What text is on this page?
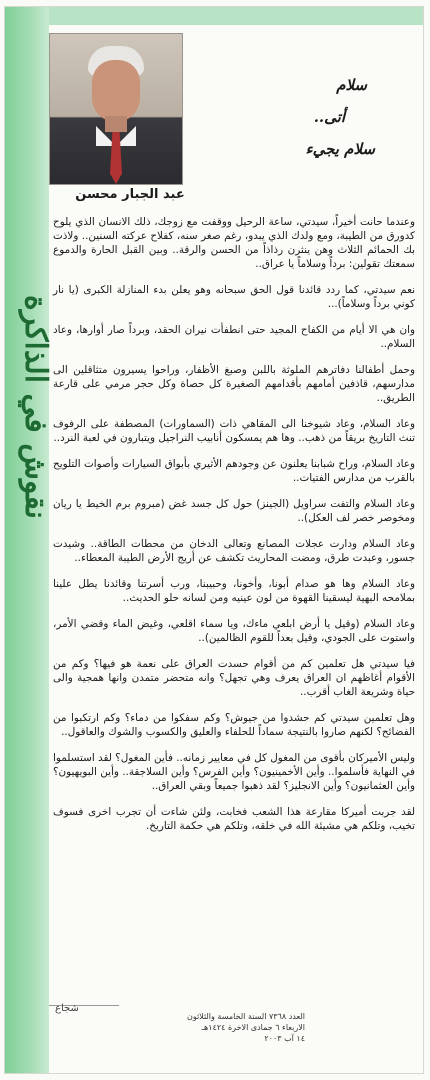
نقوش في الذاكرة
عبد الجبار محسن
سلام
أتى..
سلام يجيء

وعندما حانت أخيراً، سيدتي، ساعة الرحيل ووقفت مع زوجك، ذلك الانسان الذي يلوح كدورق من الطيبة، ومع ولدك الذي يبدو، رغم صغر سنه، كفلاح عركته السنين.. ولاذت بك الحمائم الثلاث وهن ينثرن رذاذاً من الحسن والرقة.. وبين القبل الحارة والدموع سمعتك تقولين: برداً وسلاماً يا عراق..

نعم سيدتي، كما ردد قائدنا قول الحق سبحانه وهو يعلن بدء المنازلة الكبرى (يا نار كوني برداً وسلاماً)...

وان هي الا أيام من الكفاح المجيد حتى انطفأت نيران الحقد، وبرداً صار أوارها، وعاد السلام..

وحمل أطفالنا دفاترهم الملوثة باللبن وصبغ الأظفار، وراحوا يسيرون متثاقلين الى مدارسهم، قاذفين أمامهم بأقدامهم الصغيرة كل حصاة وكل حجر مرمي على قارعة الطريق..

وعاد السلام، وعاد شيوخنا الى المقاهي ذات (السماورات) المصطفة على الرفوف تنث التاريخ بريقاً من ذهب.. وها هم يمسكون أنابيب النراجيل ويتبارون في لعبة النرد..

وعاد السلام، وراح شبابنا يعلنون عن وجودهم الأثيري بأبواق السيارات وأصوات التلويح بالقرب من مدارس الفتيات..

وعاد السلام والتفت سراويل (الجينز) حول كل جسد غض (مبروم برم الخيط يا ريان ومخوصر خصر لف العكل)..

وعاد السلام ودارت عجلات المصانع وتعالى الدخان من محطات الطاقة.. وشيدت جسور، وعبدت طرق، ومضت المحاريث تكشف عن أريج الأرض الطيبة المعطاء..

وعاد السلام وها هو صدام أبونا، وأخونا، وحبيبنا، ورب أسرتنا وقائدنا يطل علينا بملامحه البهية ليسقينا القهوة من لون عينيه ومن لسانه حلو الحديث..

وعاد السلام (وقيل يا أرض ابلعي ماءك، ويا سماء اقلعي، وغيض الماء وقضي الأمر، واستوت على الجودي، وقيل بعداً للقوم الظالمين)..

فيا سيدتي هل تعلمين كم من أقوام حسدت العراق على نعمة هو فيها؟ وكم من الأقوام أغاظهم ان العراق يعرف وهي تجهل؟ وانه متحضر متمدن وانها همجية والى حياة وشريعة الغاب أقرب..

وهل تعلمين سيدتي كم حشدوا من جيوش؟ وكم سفكوا من دماء؟ وكم ارتكبوا من الفضائح؟ لكنهم صاروا بالنتيجة سماداً للحلفاء والعليق والكسوب والشوك والعاقول..

وليس الأميركان بأقوى من المغول كل في معايير زمانه.. فأين المغول؟ لقد استسلموا في النهاية فأسلموا.. وأين الأخمينيون؟ وأين الفرس؟ وأين السلاجقة.. وأين البويهيون؟ وأين العثمانيون؟ وأين الانجليز؟ لقد ذهبوا جميعاً وبقي العراق..

لقد جربت أميركا مقارعة هذا الشعب فخابت، ولئن شاءت أن تجرب اخرى فسوف تخيب، وتلكم هي مشيئة الله في خلقه، وتلكم هي حكمة التاريخ.

شجاع
العدد ٧٣٦٨ السنة الخامسة والثلاثون
الاربعاء ٦ جمادى الاخرة ١٤٢٤هـ
١٤ آب ٢٠٠٣
